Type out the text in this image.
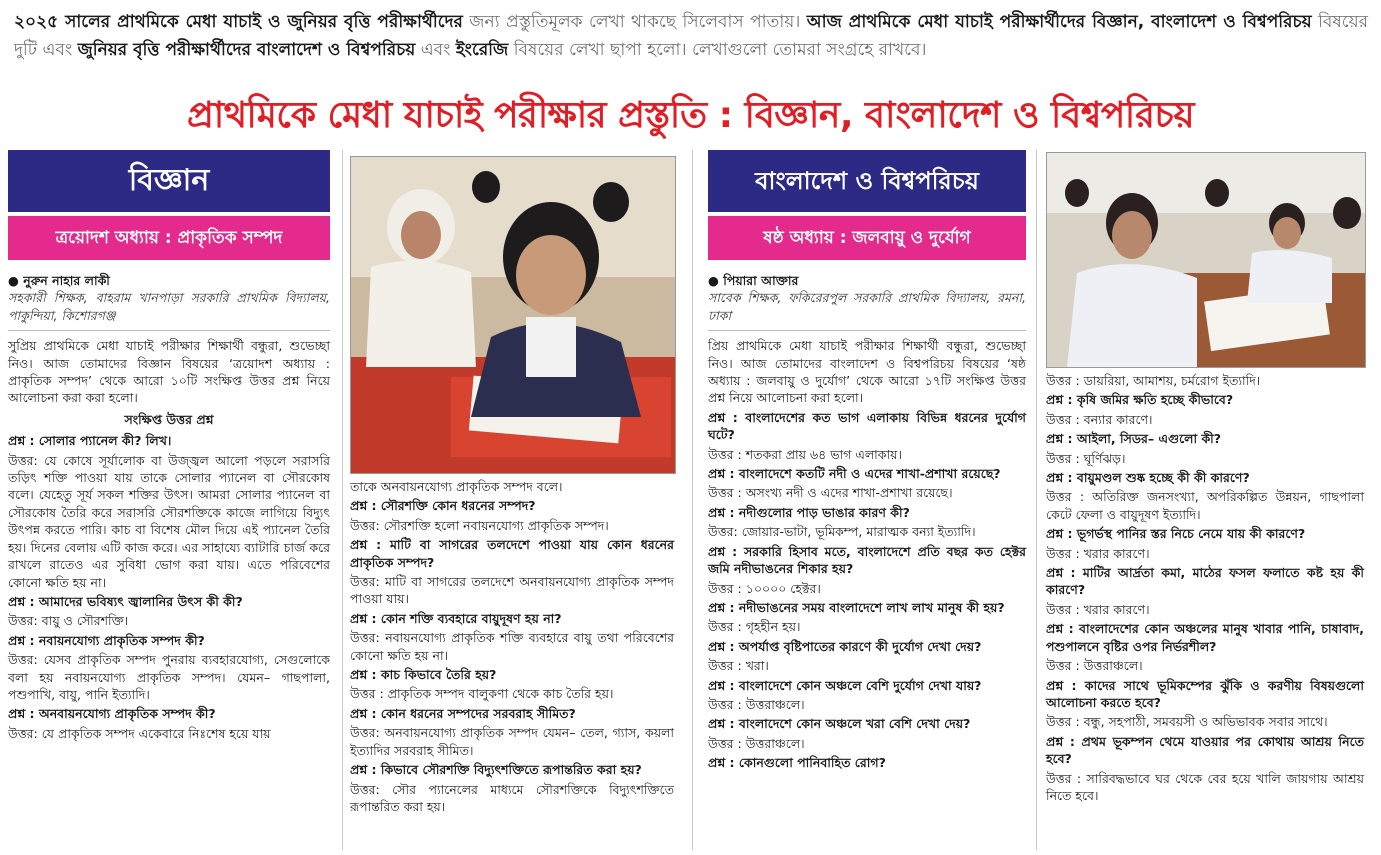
২০২৫ সালের প্রাথমিকে মেধা যাচাই ও জুনিয়র বৃত্তি পরীক্ষার্থীদের জন্য প্রস্তুতিমূলক লেখা থাকছে সিলেবাস পাতায়। আজ প্রাথমিকে মেধা যাচাই পরীক্ষার্থীদের বিজ্ঞান, বাংলাদেশ ও বিশ্বপরিচয় বিষয়ের দুটি এবং জুনিয়র বৃত্তি পরীক্ষার্থীদের বাংলাদেশ ও বিশ্বপরিচয় এবং ইংরেজি বিষয়ের লেখা ছাপা হলো। লেখাগুলো তোমরা সংগ্রহে রাখবে।
প্রাথমিকে মেধা যাচাই পরীক্ষার প্রস্তুতি : বিজ্ঞান, বাংলাদেশ ও বিশ্বপরিচয়
বিজ্ঞান
ত্রয়োদশ অধ্যায় : প্রাকৃতিক সম্পদ
● নুরুন নাহার লাকী
সহকারী শিক্ষক, বাহরাম খানপাড়া সরকারি প্রাথমিক বিদ্যালয়, পাকুন্দিয়া, কিশোরগঞ্জ

সুপ্রিয় প্রাথমিকে মেধা যাচাই পরীক্ষার শিক্ষার্থী বন্ধুরা, শুভেচ্ছা নিও। আজ তোমাদের বিজ্ঞান বিষয়ের ‘ত্রয়োদশ অধ্যায় : প্রাকৃতিক সম্পদ’ থেকে আরো ১০টি সংক্ষিপ্ত উত্তর প্রশ্ন নিয়ে আলোচনা করা করা হলো।

সংক্ষিপ্ত উত্তর প্রশ্ন

প্রশ্ন : সোলার প্যানেল কী? লিখ।

উত্তর: যে কোষে সূর্যালোক বা উজ্জ্বল আলো পড়লে সরাসরি তড়িৎ শক্তি পাওয়া যায় তাকে সোলার প্যানেল বা সৌরকোষ বলে। যেহেতু সূর্য সকল শক্তির উৎস। আমরা সোলার প্যানেল বা সৌরকোষ তৈরি করে সরাসরি সৌরশক্তিকে কাজে লাগিয়ে বিদ্যুৎ উৎপন্ন করতে পারি। কাচ বা বিশেষ মৌল দিয়ে এই প্যানেল তৈরি হয়। দিনের বেলায় এটি কাজ করে। এর সাহায্যে ব্যাটারি চার্জ করে রাখলে রাতেও এর সুবিধা ভোগ করা যায়। এতে পরিবেশের কোনো ক্ষতি হয় না।

প্রশ্ন : আমাদের ভবিষ্যৎ জ্বালানির উৎস কী কী?

উত্তর: বায়ু ও সৌরশক্তি।

প্রশ্ন : নবায়নযোগ্য প্রাকৃতিক সম্পদ কী?

উত্তর: যেসব প্রাকৃতিক সম্পদ পুনরায় ব্যবহারযোগ্য, সেগুলোকে বলা হয় নবায়নযোগ্য প্রাকৃতিক সম্পদ। যেমন– গাছপালা, পশুপাখি, বায়ু, পানি ইত্যাদি।

প্রশ্ন : অনবায়নযোগ্য প্রাকৃতিক সম্পদ কী?

উত্তর: যে প্রাকৃতিক সম্পদ একেবারে নিঃশেষ হয়ে যায়

তাকে অনবায়নযোগ্য প্রাকৃতিক সম্পদ বলে।

প্রশ্ন : সৌরশক্তি কোন ধরনের সম্পদ?

উত্তর: সৌরশক্তি হলো নবায়নযোগ্য প্রাকৃতিক সম্পদ।

প্রশ্ন : মাটি বা সাগরের তলদেশে পাওয়া যায় কোন ধরনের প্রাকৃতিক সম্পদ?

উত্তর: মাটি বা সাগরের তলদেশে অনবায়নযোগ্য প্রাকৃতিক সম্পদ পাওয়া যায়।

প্রশ্ন : কোন শক্তি ব্যবহারে বায়ুদূষণ হয় না?

উত্তর: নবায়নযোগ্য প্রাকৃতিক শক্তি ব্যবহারে বায়ু তথা পরিবেশের কোনো ক্ষতি হয় না।

প্রশ্ন : কাচ কিভাবে তৈরি হয়?

উত্তর : প্রাকৃতিক সম্পদ বালুকণা থেকে কাচ তৈরি হয়।

প্রশ্ন : কোন ধরনের সম্পদের সরবরাহ সীমিত?

উত্তর: অনবায়নযোগ্য প্রাকৃতিক সম্পদ যেমন– তেল, গ্যাস, কয়লা ইত্যাদির সরবরাহ সীমিত।

প্রশ্ন : কিভাবে সৌরশক্তি বিদ্যুৎশক্তিতে রূপান্তরিত করা হয়?

উত্তর: সৌর প্যানেলের মাধ্যমে সৌরশক্তিকে বিদ্যুৎশক্তিতে রূপান্তরিত করা হয়।

বাংলাদেশ ও বিশ্বপরিচয়
ষষ্ঠ অধ্যায় : জলবায়ু ও দুর্যোগ
● পিয়ারা আক্তার
সাবেক শিক্ষক, ফকিরেরপুল সরকারি প্রাথমিক বিদ্যালয়, রমনা, ঢাকা

প্রিয় প্রাথমিকে মেধা যাচাই পরীক্ষার শিক্ষার্থী বন্ধুরা, শুভেচ্ছা নিও। আজ তোমাদের বাংলাদেশ ও বিশ্বপরিচয় বিষয়ের ‘ষষ্ঠ অধ্যায় : জলবায়ু ও দুর্যোগ’ থেকে আরো ১৭টি সংক্ষিপ্ত উত্তর প্রশ্ন নিয়ে আলোচনা করা হলো।

প্রশ্ন : বাংলাদেশের কত ভাগ এলাকায় বিভিন্ন ধরনের দুর্যোগ ঘটে?

উত্তর : শতকরা প্রায় ৬৪ ভাগ এলাকায়।

প্রশ্ন : বাংলাদেশে কতটি নদী ও এদের শাখা-প্রশাখা রয়েছে?

উত্তর : অসংখ্য নদী ও এদের শাখা-প্রশাখা রয়েছে।

প্রশ্ন : নদীগুলোর পাড় ভাঙার কারণ কী?

উত্তর: জোয়ার-ভাটা, ভূমিকম্প, মারাত্মক বন্যা ইত্যাদি।

প্রশ্ন : সরকারি হিসাব মতে, বাংলাদেশে প্রতি বছর কত হেক্টর জমি নদীভাঙনের শিকার হয়?

উত্তর : ১০০০০ হেক্টর।

প্রশ্ন : নদীভাঙনের সময় বাংলাদেশে লাখ লাখ মানুষ কী হয়?

উত্তর : গৃহহীন হয়।

প্রশ্ন : অপর্যাপ্ত বৃষ্টিপাতের কারণে কী দুর্যোগ দেখা দেয়?

উত্তর : খরা।

প্রশ্ন : বাংলাদেশে কোন অঞ্চলে বেশি দুর্যোগ দেখা যায়?

উত্তর : উত্তরাঞ্চলে।

প্রশ্ন : বাংলাদেশে কোন অঞ্চলে খরা বেশি দেখা দেয়?

উত্তর : উত্তরাঞ্চলে।

প্রশ্ন : কোনগুলো পানিবাহিত রোগ?

উত্তর : ডায়রিয়া, আমাশয়, চর্মরোগ ইত্যাদি।

প্রশ্ন : কৃষি জমির ক্ষতি হচ্ছে কীভাবে?

উত্তর : বন্যার কারণে।

প্রশ্ন : আইলা, সিডর– এগুলো কী?

উত্তর : ঘূর্ণিঝড়।

প্রশ্ন : বায়ুমণ্ডল শুষ্ক হচ্ছে কী কী কারণে?

উত্তর : অতিরিক্ত জনসংখ্যা, অপরিকল্পিত উন্নয়ন, গাছপালা কেটে ফেলা ও বায়ুদূষণ ইত্যাদি।

প্রশ্ন : ভূগর্ভস্থ পানির স্তর নিচে নেমে যায় কী কারণে?

উত্তর : খরার কারণে।

প্রশ্ন : মাটির আর্দ্রতা কমা, মাঠের ফসল ফলাতে কষ্ট হয় কী কারণে?

উত্তর : খরার কারণে।

প্রশ্ন : বাংলাদেশের কোন অঞ্চলের মানুষ খাবার পানি, চাষাবাদ, পশুপালনে বৃষ্টির ওপর নির্ভরশীল?

উত্তর : উত্তরাঞ্চলে।

প্রশ্ন : কাদের সাথে ভূমিকম্পের ঝুঁকি ও করণীয় বিষয়গুলো আলোচনা করতে হবে?

উত্তর : বন্ধু, সহপাঠী, সমবয়সী ও অভিভাবক সবার সাথে।

প্রশ্ন : প্রথম ভূকম্পন থেমে যাওয়ার পর কোথায় আশ্রয় নিতে হবে?

উত্তর : সারিবদ্ধভাবে ঘর থেকে বের হয়ে খালি জায়গায় আশ্রয় নিতে হবে।
